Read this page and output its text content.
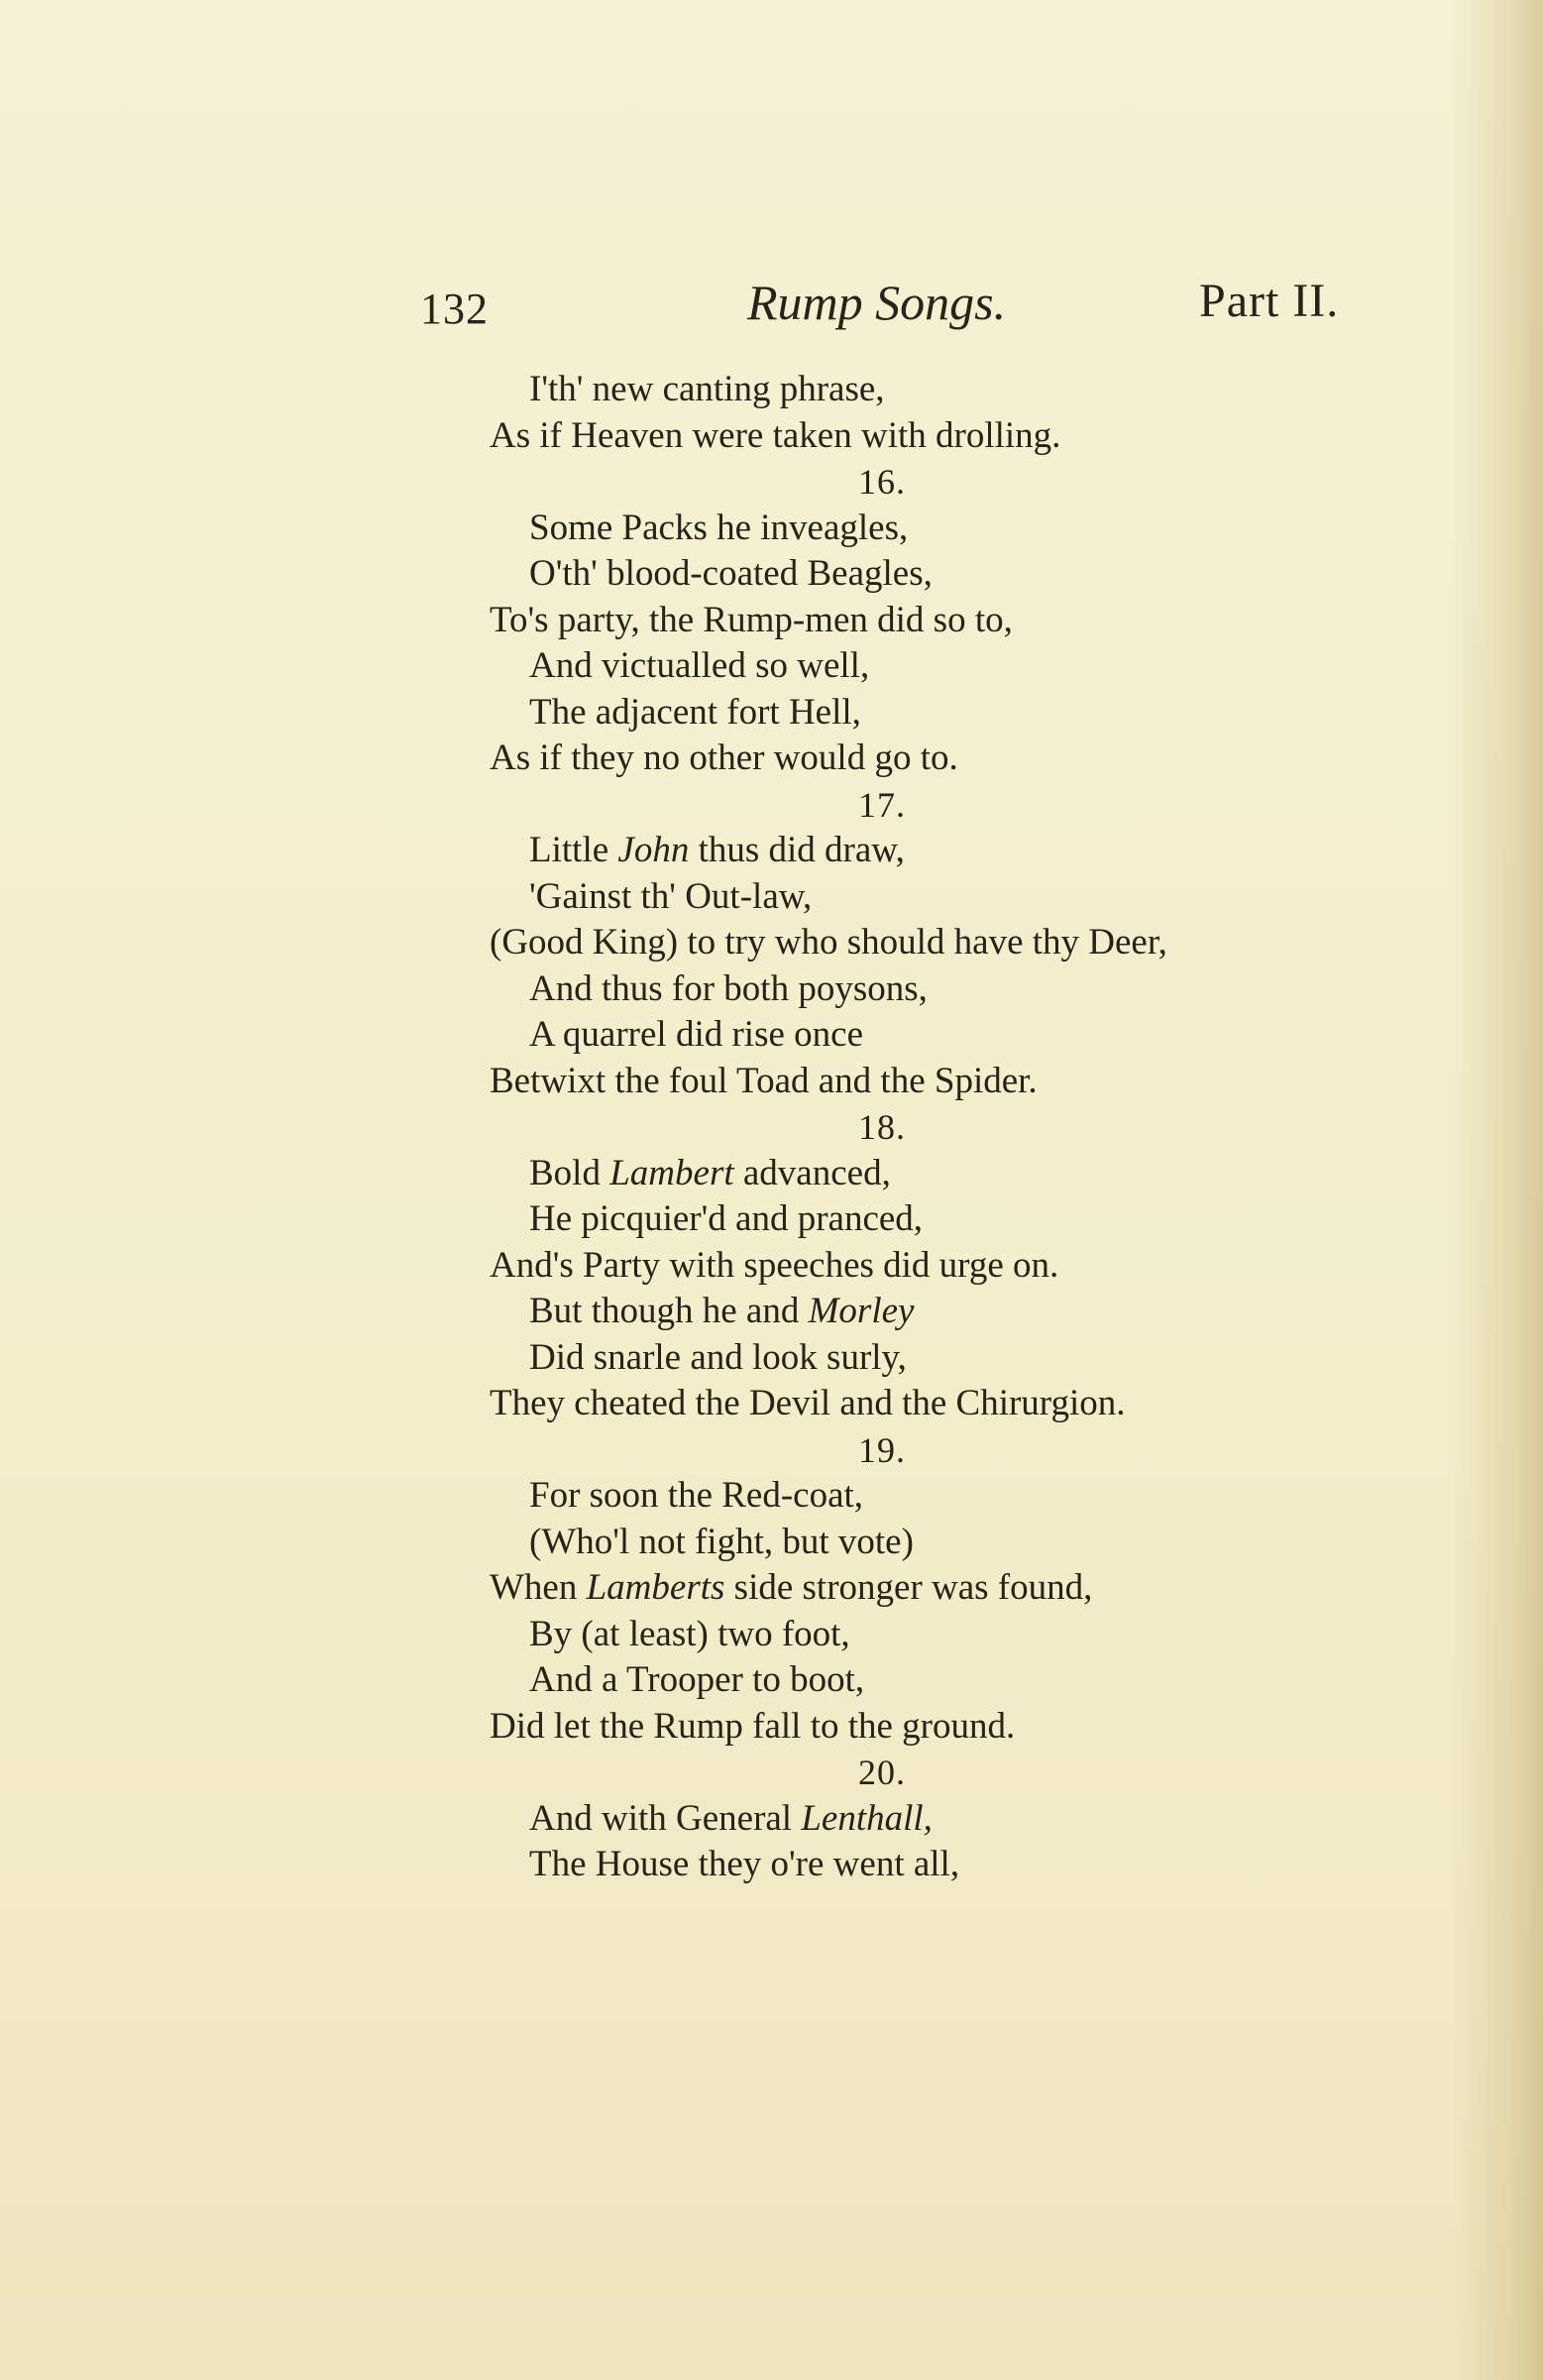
132	Rump Songs.	Part II.
I'th' new canting phrase,
As if Heaven were taken with drolling.
16.
Some Packs he inveagles,
O'th' blood-coated Beagles,
To's party, the Rump-men did so to,
And victualled so well,
The adjacent fort Hell,
As if they no other would go to.
17.
Little John thus did draw,
'Gainst th' Out-law,
(Good King) to try who should have thy Deer,
And thus for both poysons,
A quarrel did rise once
Betwixt the foul Toad and the Spider.
18.
Bold Lambert advanced,
He picquier'd and pranced,
And's Party with speeches did urge on.
But though he and Morley
Did snarle and look surly,
They cheated the Devil and the Chirurgion.
19.
For soon the Red-coat,
(Who'l not fight, but vote)
When Lamberts side stronger was found,
By (at least) two foot,
And a Trooper to boot,
Did let the Rump fall to the ground.
20.
And with General Lenthall,
The House they o're went all,
